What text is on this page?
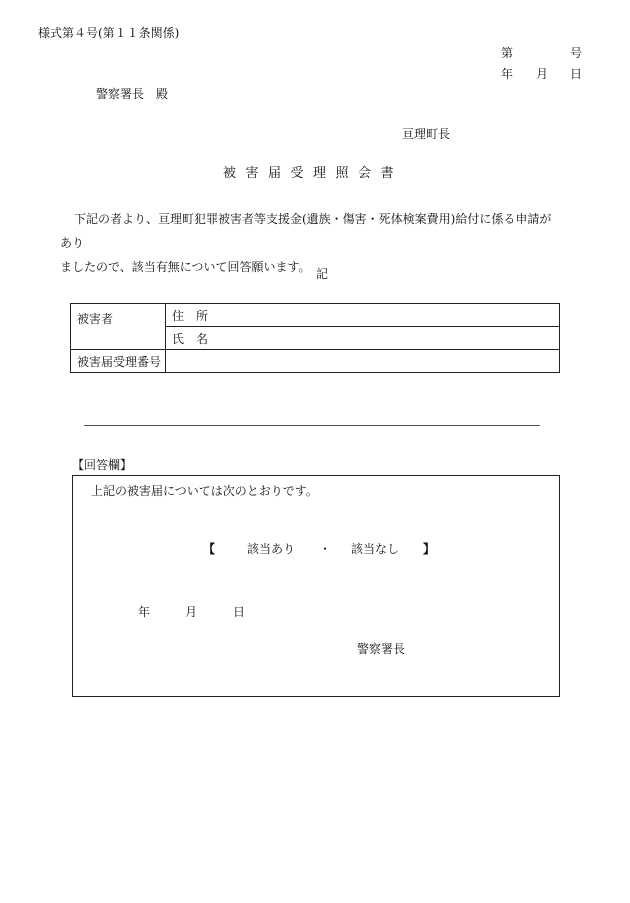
様式第４号(第１１条関係)
第	号
年 月 日
警察署長　殿
亘理町長
被害届受理照会書
下記の者より、亘理町犯罪被害者等支援金(遺族・傷害・死体検案費用)給付に係る申請があり
ましたので、該当有無について回答願います。 記
被害者	住所
	氏名
被害届受理番号	
【回答欄】
上記の被害届については次のとおりです。
【	該当あり ・ 該当なし 】
年	月	日
警察署長
